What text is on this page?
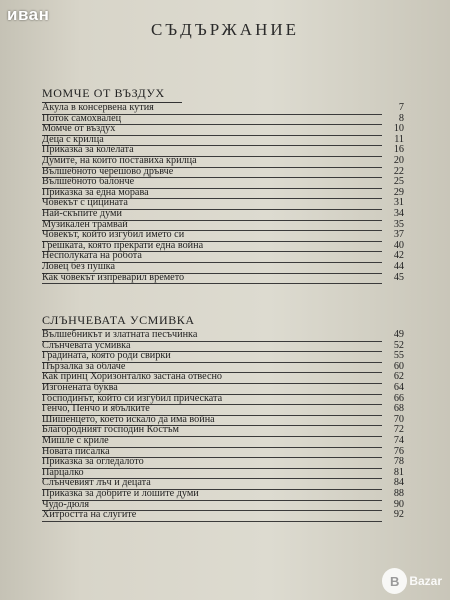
иван
СЪДЪРЖАНИЕ
МОМЧЕ ОТ ВЪЗДУХ
Акула в консервена кутия	7
Поток самохвалец	8
Момче от въздух	10
Деца с крилца	11
Приказка за колелата	16
Думите, на които поставиха крилца	20
Вълшебното черешово дръвче	22
Вълшебното балонче	25
Приказка за една морава	29
Човекът с цицината	31
Най-скъпите думи	34
Музикален трамвай	35
Човекът, който изгубил името си	37
Грешката, която прекрати една война	40
Несполуката на робота	42
Ловец без пушка	44
Как човекът изпреварил времето	45
СЛЪНЧЕВАТА УСМИВКА
Вълшебникът и златната песъчинка	49
Слънчевата усмивка	52
Градината, която роди свирки	55
Пързалка за облаче	60
Как принц Хоризонталко застана отвесно	62
Изгонената буква	64
Господинът, който си изгубил прическата	66
Генчо, Пенчо и ябълките	68
Шишенцето, което искало да има война	70
Благородният господин Костъм	72
Мишле с криле	74
Новата писалка	76
Приказка за огледалото	78
Парцалко	81
Слънчевият лъч и децата	84
Приказка за добрите и лошите думи	88
Чудо-дюля	90
Хитростта на слугите	92
B Bazar
